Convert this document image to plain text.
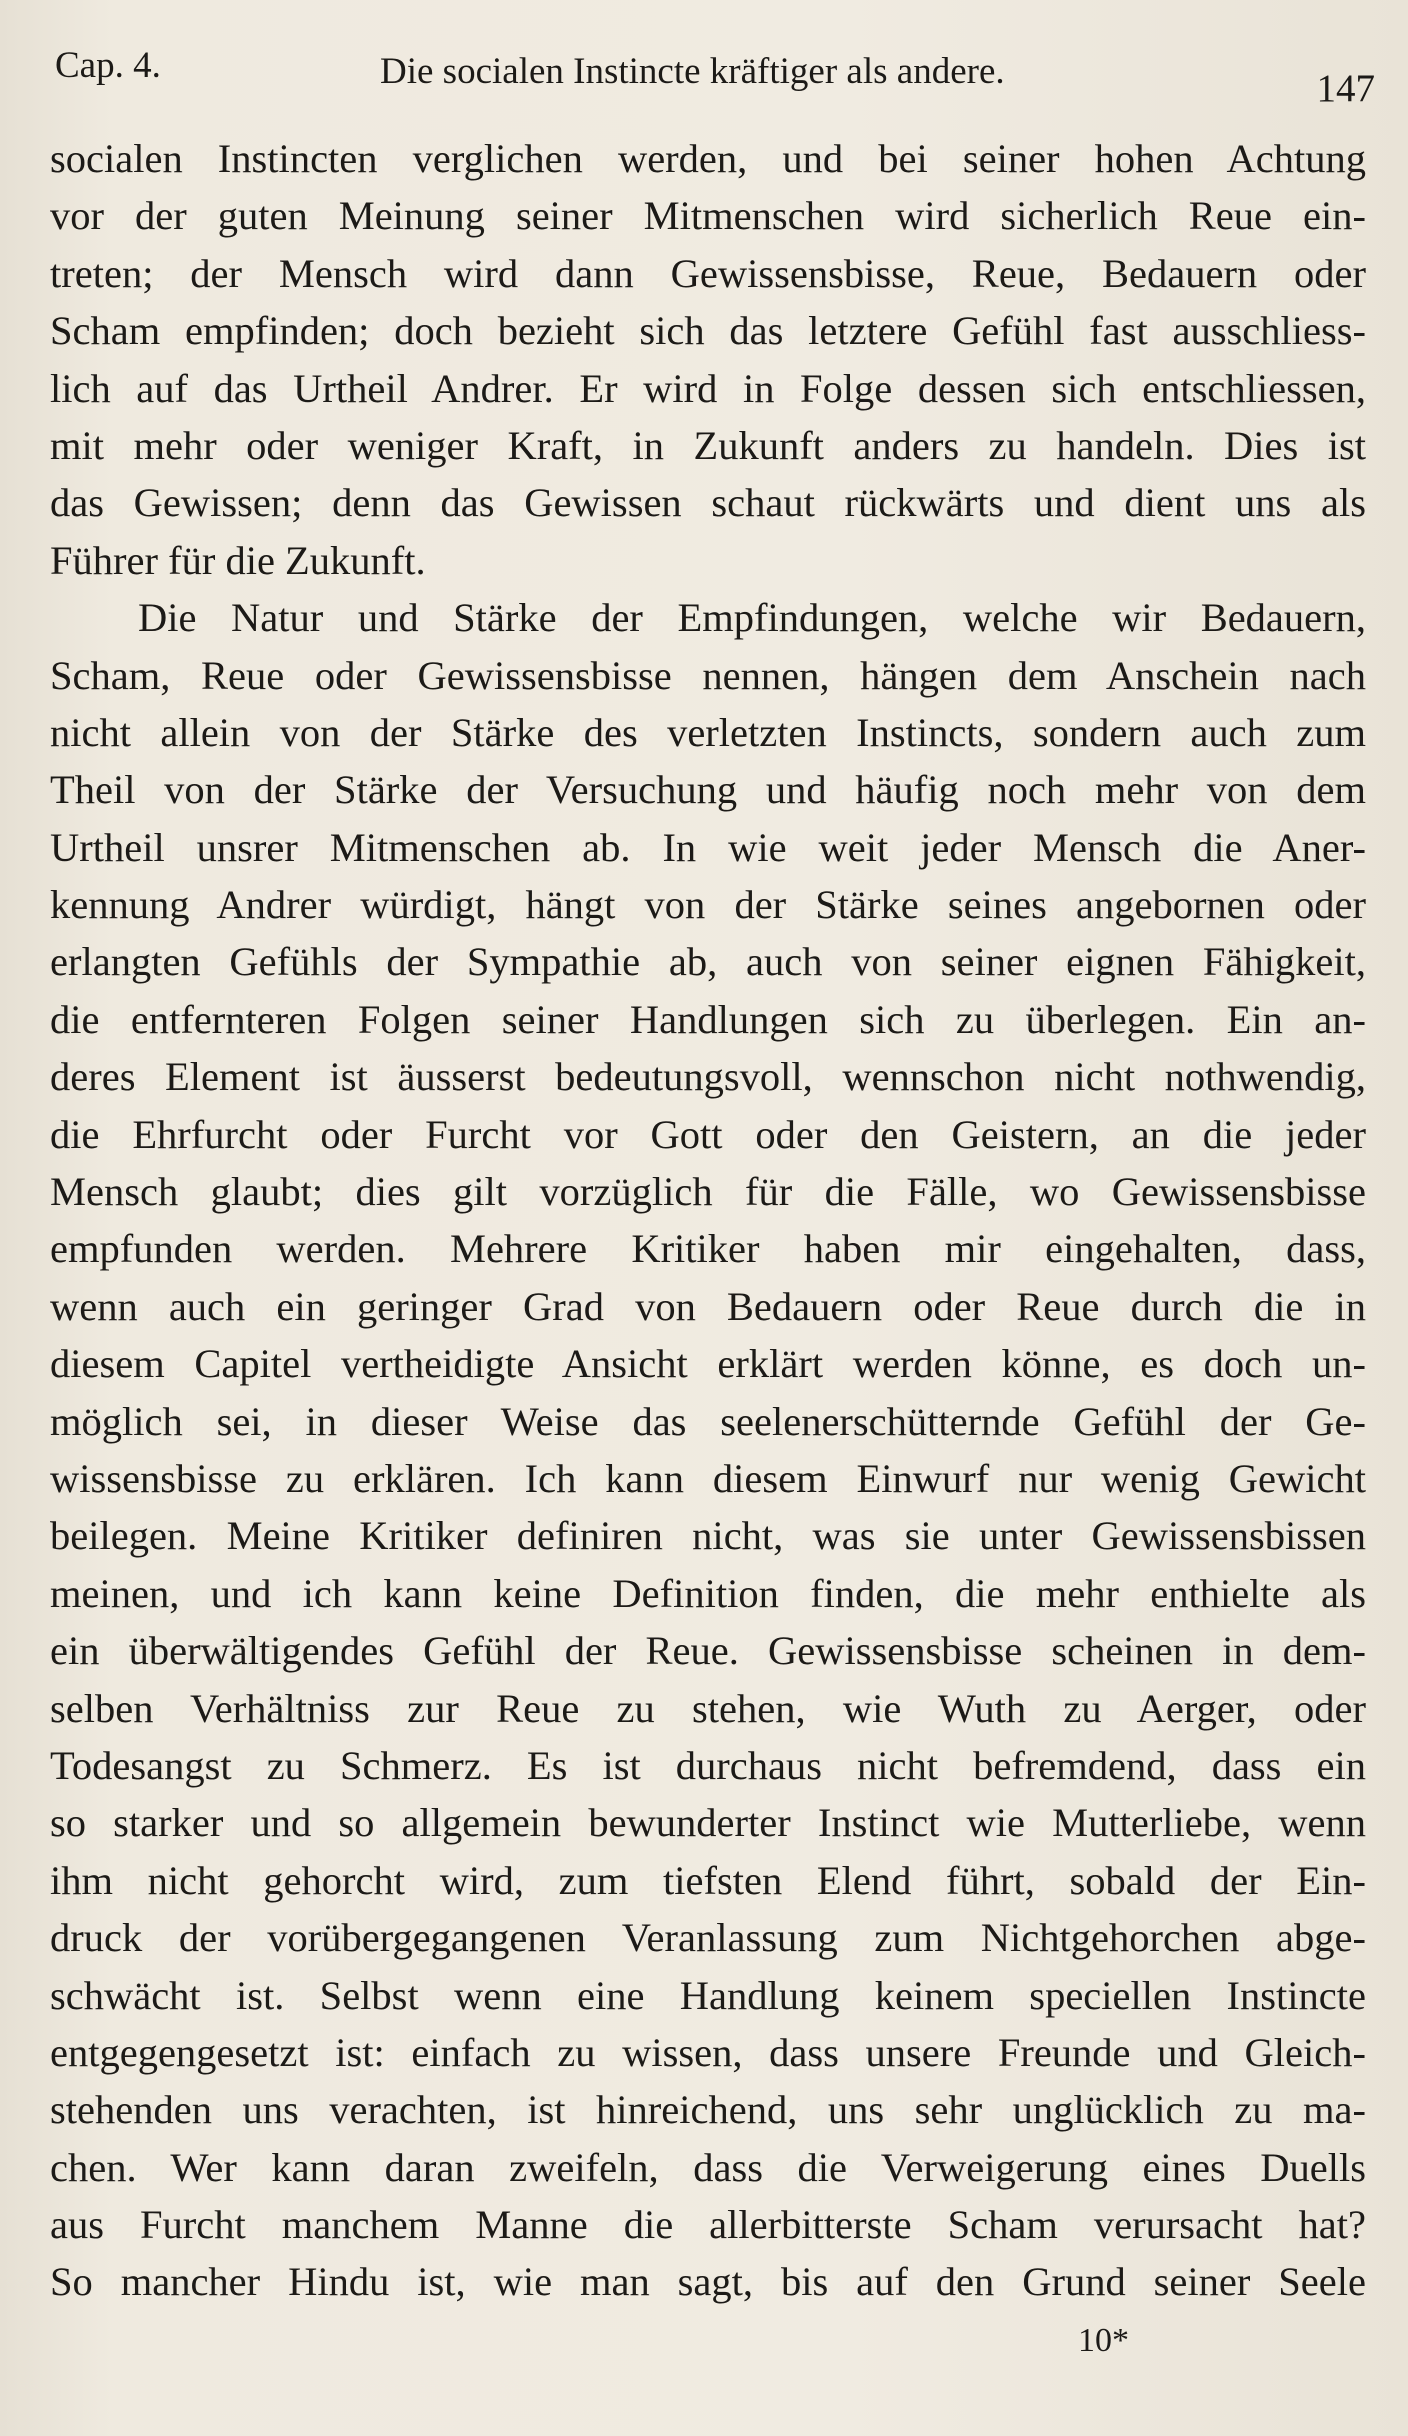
Cap. 4.	Die socialen Instincte kräftiger als andere.	147
socialen Instincten verglichen werden, und bei seiner hohen Achtung
vor der guten Meinung seiner Mitmenschen wird sicherlich Reue ein-
treten; der Mensch wird dann Gewissensbisse, Reue, Bedauern oder
Scham empfinden; doch bezieht sich das letztere Gefühl fast ausschliess-
lich auf das Urtheil Andrer. Er wird in Folge dessen sich entschliessen,
mit mehr oder weniger Kraft, in Zukunft anders zu handeln. Dies ist
das Gewissen; denn das Gewissen schaut rückwärts und dient uns als
Führer für die Zukunft.
Die Natur und Stärke der Empfindungen, welche wir Bedauern,
Scham, Reue oder Gewissensbisse nennen, hängen dem Anschein nach
nicht allein von der Stärke des verletzten Instincts, sondern auch zum
Theil von der Stärke der Versuchung und häufig noch mehr von dem
Urtheil unsrer Mitmenschen ab. In wie weit jeder Mensch die Aner-
kennung Andrer würdigt, hängt von der Stärke seines angebornen oder
erlangten Gefühls der Sympathie ab, auch von seiner eignen Fähigkeit,
die entfernteren Folgen seiner Handlungen sich zu überlegen. Ein an-
deres Element ist äusserst bedeutungsvoll, wennschon nicht nothwendig,
die Ehrfurcht oder Furcht vor Gott oder den Geistern, an die jeder
Mensch glaubt; dies gilt vorzüglich für die Fälle, wo Gewissensbisse
empfunden werden. Mehrere Kritiker haben mir eingehalten, dass,
wenn auch ein geringer Grad von Bedauern oder Reue durch die in
diesem Capitel vertheidigte Ansicht erklärt werden könne, es doch un-
möglich sei, in dieser Weise das seelenerschütternde Gefühl der Ge-
wissensbisse zu erklären. Ich kann diesem Einwurf nur wenig Gewicht
beilegen. Meine Kritiker definiren nicht, was sie unter Gewissensbissen
meinen, und ich kann keine Definition finden, die mehr enthielte als
ein überwältigendes Gefühl der Reue. Gewissensbisse scheinen in dem-
selben Verhältniss zur Reue zu stehen, wie Wuth zu Aerger, oder
Todesangst zu Schmerz. Es ist durchaus nicht befremdend, dass ein
so starker und so allgemein bewunderter Instinct wie Mutterliebe, wenn
ihm nicht gehorcht wird, zum tiefsten Elend führt, sobald der Ein-
druck der vorübergegangenen Veranlassung zum Nichtgehorchen abge-
schwächt ist. Selbst wenn eine Handlung keinem speciellen Instincte
entgegengesetzt ist: einfach zu wissen, dass unsere Freunde und Gleich-
stehenden uns verachten, ist hinreichend, uns sehr unglücklich zu ma-
chen. Wer kann daran zweifeln, dass die Verweigerung eines Duells
aus Furcht manchem Manne die allerbitterste Scham verursacht hat?
So mancher Hindu ist, wie man sagt, bis auf den Grund seiner Seele
10*
